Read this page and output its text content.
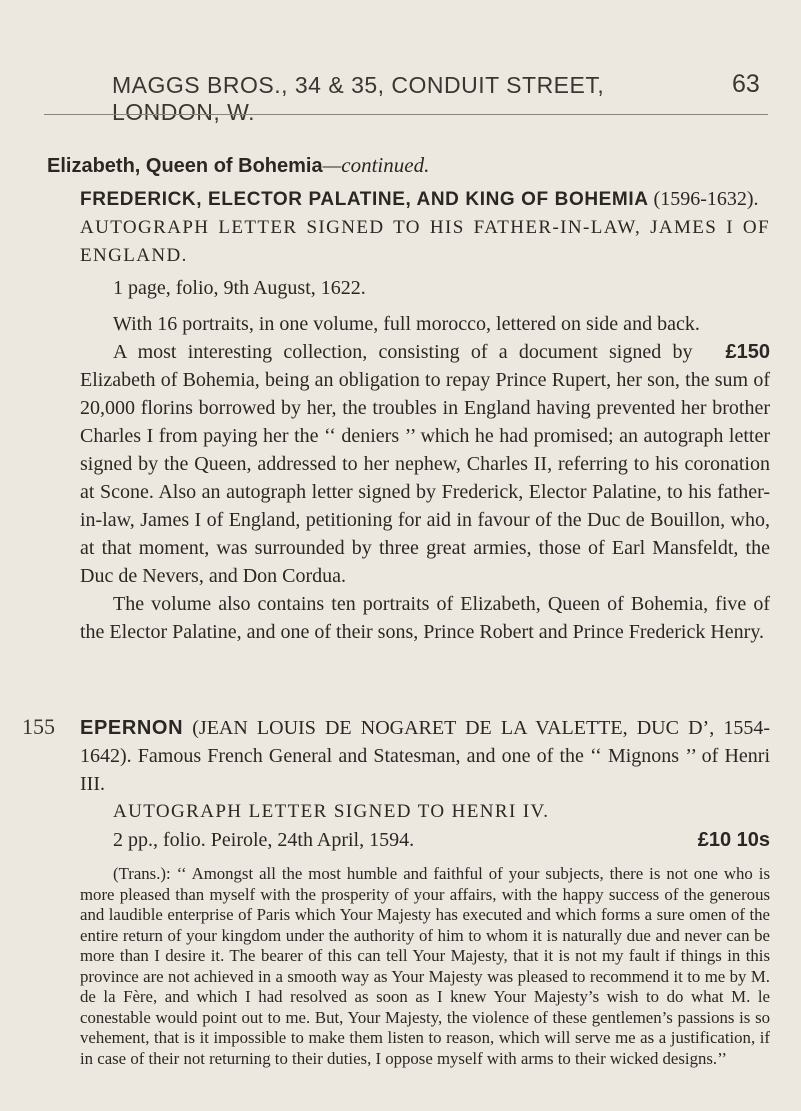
MAGGS BROS., 34 & 35, CONDUIT STREET, LONDON, W.
63
Elizabeth, Queen of Bohemia—continued.

FREDERICK, ELECTOR PALATINE, AND KING OF BOHEMIA (1596-1632).

AUTOGRAPH LETTER SIGNED TO HIS FATHER-IN-LAW, JAMES I OF ENGLAND.

1 page, folio, 9th August, 1622.

With 16 portraits, in one volume, full morocco, lettered on side and back.
£150

A most interesting collection, consisting of a document signed by Elizabeth of Bohemia, being an obligation to repay Prince Rupert, her son, the sum of 20,000 florins borrowed by her, the troubles in England having prevented her brother Charles I from paying her the ‘‘ deniers ’’ which he had promised; an autograph letter signed by the Queen, addressed to her nephew, Charles II, referring to his coronation at Scone. Also an autograph letter signed by Frederick, Elector Palatine, to his father-in-law, James I of England, petitioning for aid in favour of the Duc de Bouillon, who, at that moment, was surrounded by three great armies, those of Earl Mansfeldt, the Duc de Nevers, and Don Cordua.

The volume also contains ten portraits of Elizabeth, Queen of Bohemia, five of the Elector Palatine, and one of their sons, Prince Robert and Prince Frederick Henry.

155 EPERNON (JEAN LOUIS DE NOGARET DE LA VALETTE, DUC D’, 1554-1642). Famous French General and Statesman, and one of the ‘‘ Mignons ’’ of Henri III.

AUTOGRAPH LETTER SIGNED TO HENRI IV.

2 pp., folio. Peirole, 24th April, 1594.	£10 10s

(Trans.): ‘‘ Amongst all the most humble and faithful of your subjects, there is not one who is more pleased than myself with the prosperity of your affairs, with the happy success of the generous and laudible enterprise of Paris which Your Majesty has executed and which forms a sure omen of the entire return of your kingdom under the authority of him to whom it is naturally due and never can be more than I desire it. The bearer of this can tell Your Majesty, that it is not my fault if things in this province are not achieved in a smooth way as Your Majesty was pleased to recommend it to me by M. de la Fère, and which I had resolved as soon as I knew Your Majesty’s wish to do what M. le conestable would point out to me. But, Your Majesty, the violence of these gentlemen’s passions is so vehement, that is it impossible to make them listen to reason, which will serve me as a justification, if in case of their not returning to their duties, I oppose myself with arms to their wicked designs.’’
